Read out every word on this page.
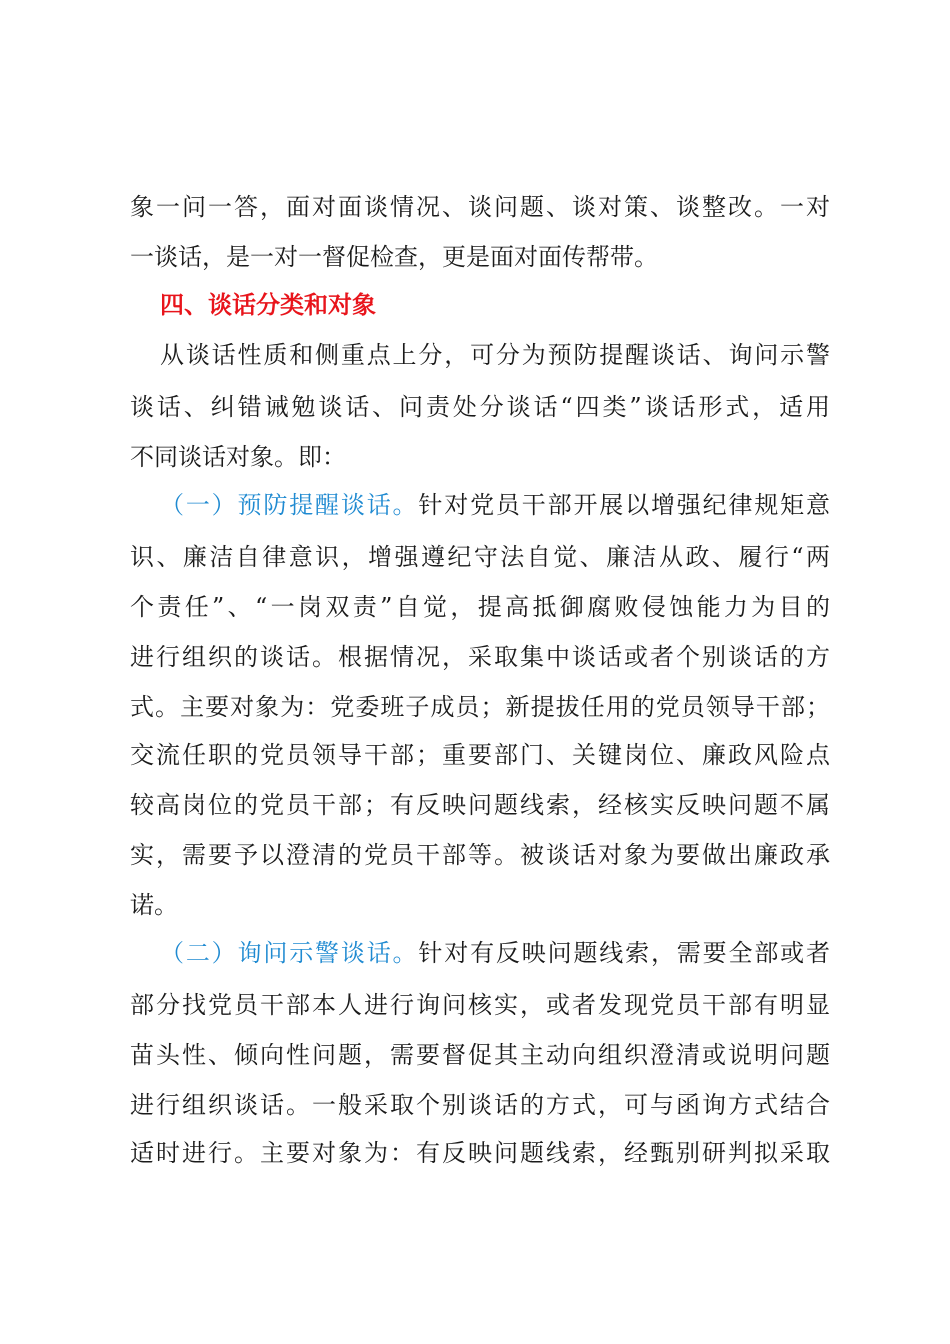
象一问一答，面对面谈情况、谈问题、谈对策、谈整改。一对
一谈话，是一对一督促检查，更是面对面传帮带。
四、谈话分类和对象
从谈话性质和侧重点上分，可分为预防提醒谈话、询问示警
谈话、纠错诫勉谈话、问责处分谈话“四类”谈话形式，适用
不同谈话对象。即：
（一）预防提醒谈话。针对党员干部开展以增强纪律规矩意
识、廉洁自律意识，增强遵纪守法自觉、廉洁从政、履行“两
个责任”、“一岗双责”自觉，提高抵御腐败侵蚀能力为目的
进行组织的谈话。根据情况，采取集中谈话或者个别谈话的方
式。主要对象为：党委班子成员；新提拔任用的党员领导干部；
交流任职的党员领导干部；重要部门、关键岗位、廉政风险点
较高岗位的党员干部；有反映问题线索，经核实反映问题不属
实，需要予以澄清的党员干部等。被谈话对象为要做出廉政承
诺。
（二）询问示警谈话。针对有反映问题线索，需要全部或者
部分找党员干部本人进行询问核实，或者发现党员干部有明显
苗头性、倾向性问题，需要督促其主动向组织澄清或说明问题
进行组织谈话。一般采取个别谈话的方式，可与函询方式结合
适时进行。主要对象为：有反映问题线索，经甄别研判拟采取
